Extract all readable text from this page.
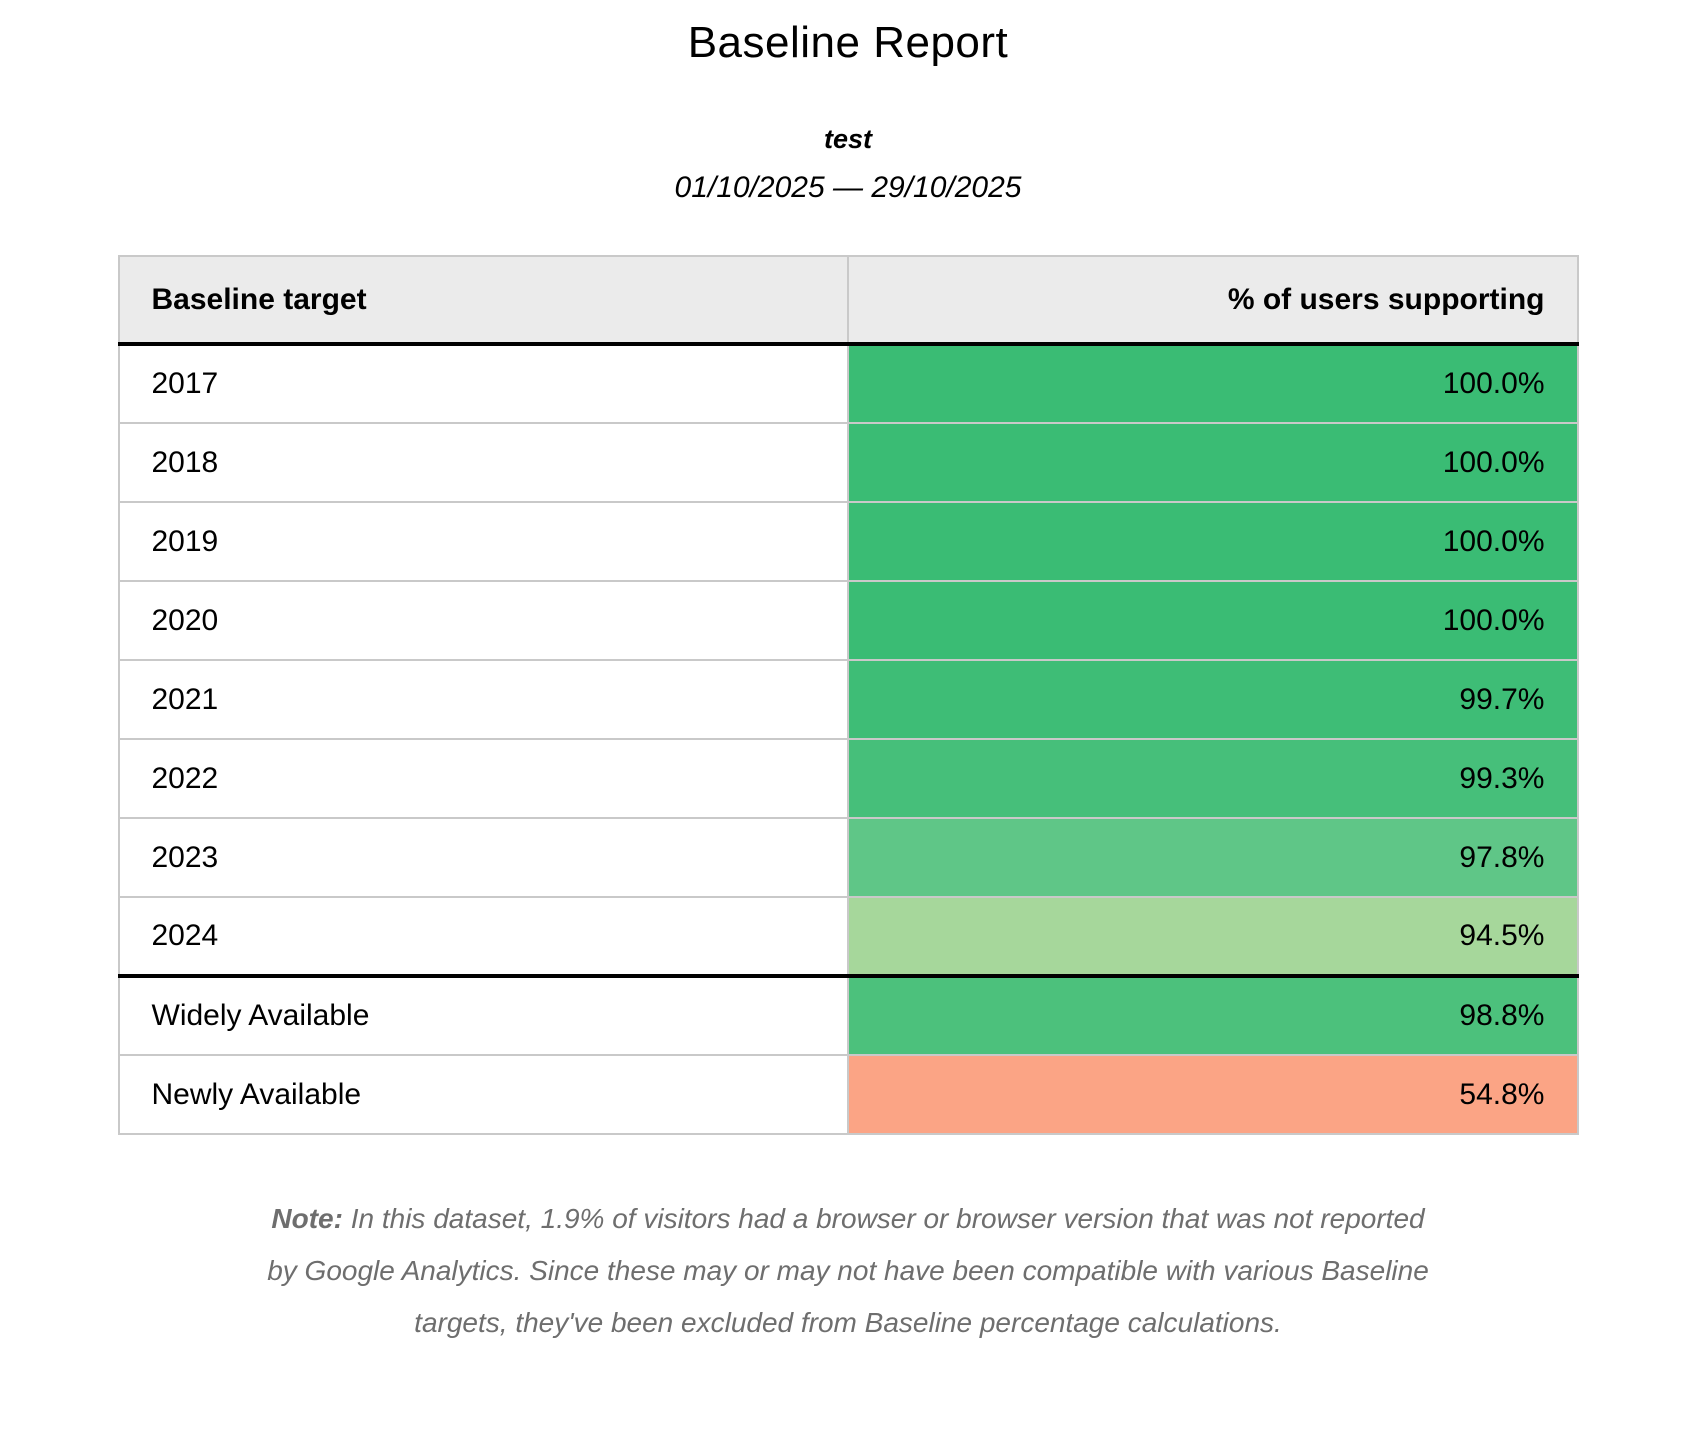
Baseline Report
test
01/10/2025 — 29/10/2025
Baseline target	% of users supporting
2017	100.0%
2018	100.0%
2019	100.0%
2020	100.0%
2021	99.7%
2022	99.3%
2023	97.8%
2024	94.5%
Widely Available	98.8%
Newly Available	54.8%

Note: In this dataset, 1.9% of visitors had a browser or browser version that was not reported by Google Analytics. Since these may or may not have been compatible with various Baseline targets, they've been excluded from Baseline percentage calculations.
